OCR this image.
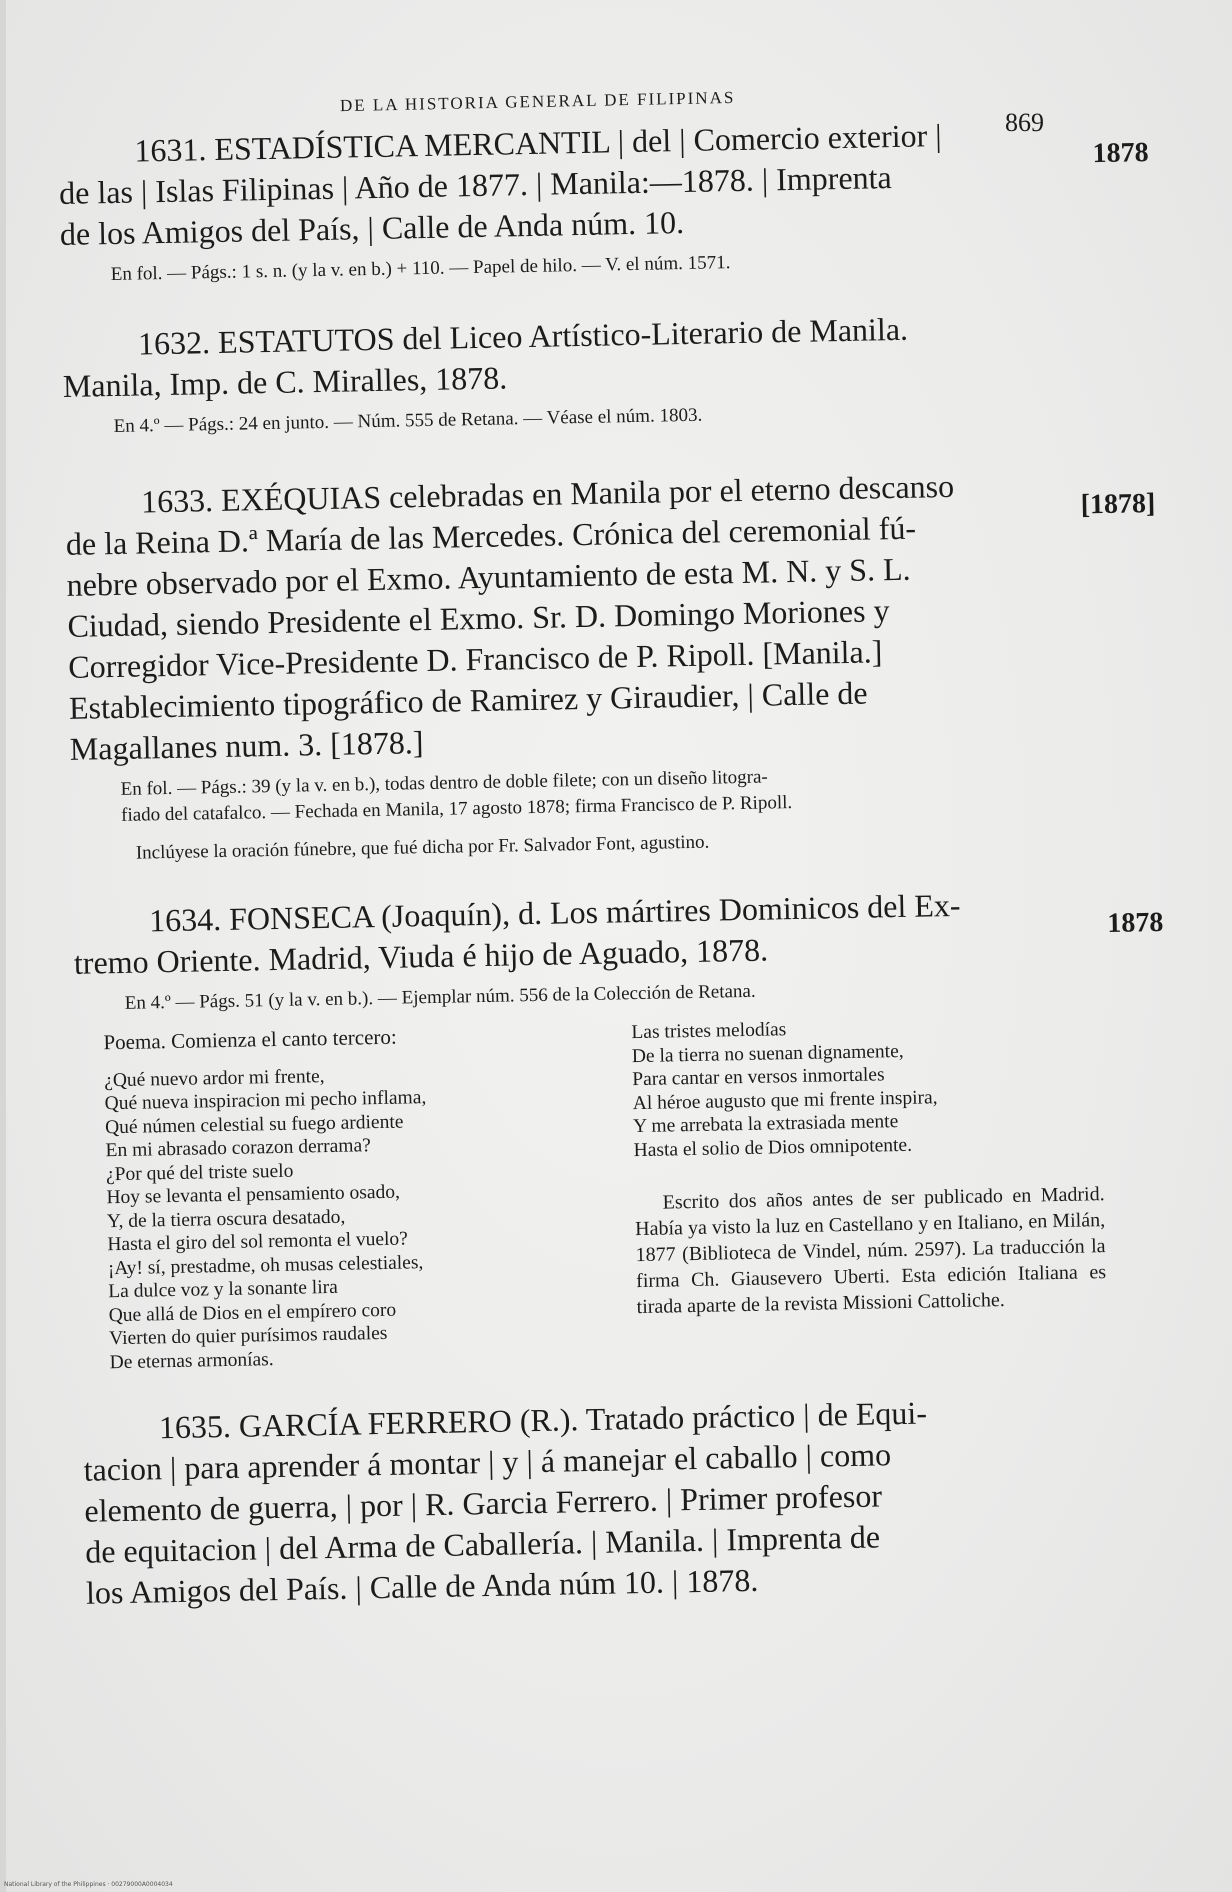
DE LA HISTORIA GENERAL DE FILIPINAS
869

1631. ESTADÍSTICA MERCANTIL | del | Comercio exterior |
de las | Islas Filipinas | Año de 1877. | Manila:—1878. | Imprenta
de los Amigos del País, | Calle de Anda núm. 10.

1878
En fol. — Págs.: 1 s. n. (y la v. en b.) + 110. — Papel de hilo. — V. el núm. 1571.

1632. ESTATUTOS del Liceo Artístico-Literario de Manila.
Manila, Imp. de C. Miralles, 1878.

En 4.º — Págs.: 24 en junto. — Núm. 555 de Retana. — Véase el núm. 1803.

1633. EXÉQUIAS celebradas en Manila por el eterno descanso
de la Reina D.ª María de las Mercedes. Crónica del ceremonial fú-
nebre observado por el Exmo. Ayuntamiento de esta M. N. y S. L.
Ciudad, siendo Presidente el Exmo. Sr. D. Domingo Moriones y
Corregidor Vice-Presidente D. Francisco de P. Ripoll. [Manila.]
Establecimiento tipográfico de Ramirez y Giraudier, | Calle de
Magallanes num. 3. [1878.]

[1878]
En fol. — Págs.: 39 (y la v. en b.), todas dentro de doble filete; con un diseño litogra-
fiado del catafalco. — Fechada en Manila, 17 agosto 1878; firma Francisco de P. Ripoll.
Inclúyese la oración fúnebre, que fué dicha por Fr. Salvador Font, agustino.

1634. FONSECA (Joaquín), d. Los mártires Dominicos del Ex-
tremo Oriente. Madrid, Viuda é hijo de Aguado, 1878.

1878
En 4.º — Págs. 51 (y la v. en b.). — Ejemplar núm. 556 de la Colección de Retana.
Poema. Comienza el canto tercero:
¿Qué nuevo ardor mi frente,
Qué nueva inspiracion mi pecho inflama,
Qué númen celestial su fuego ardiente
En mi abrasado corazon derrama?
¿Por qué del triste suelo
Hoy se levanta el pensamiento osado,
Y, de la tierra oscura desatado,
Hasta el giro del sol remonta el vuelo?
¡Ay! sí, prestadme, oh musas celestiales,
La dulce voz y la sonante lira
Que allá de Dios en el empírero coro
Vierten do quier purísimos raudales
De eternas armonías.
Las tristes melodías
De la tierra no suenan dignamente,
Para cantar en versos inmortales
Al héroe augusto que mi frente inspira,
Y me arrebata la extrasiada mente
Hasta el solio de Dios omnipotente.
Escrito dos años antes de ser publicado en Madrid. Había ya visto la luz en Castellano y en Italiano, en Milán, 1877 (Biblioteca de Vindel, núm. 2597). La traducción la firma Ch. Giausevero Uberti. Esta edición Italiana es tirada aparte de la revista Missioni Cattoliche.

1635. GARCÍA FERRERO (R.). Tratado práctico | de Equi-
tacion | para aprender á montar | y | á manejar el caballo | como
elemento de guerra, | por | R. Garcia Ferrero. | Primer profesor
de equitacion | del Arma de Caballería. | Manila. | Imprenta de
los Amigos del País. | Calle de Anda núm 10. | 1878.

National Library of the Philippines · 00279000A0004034
